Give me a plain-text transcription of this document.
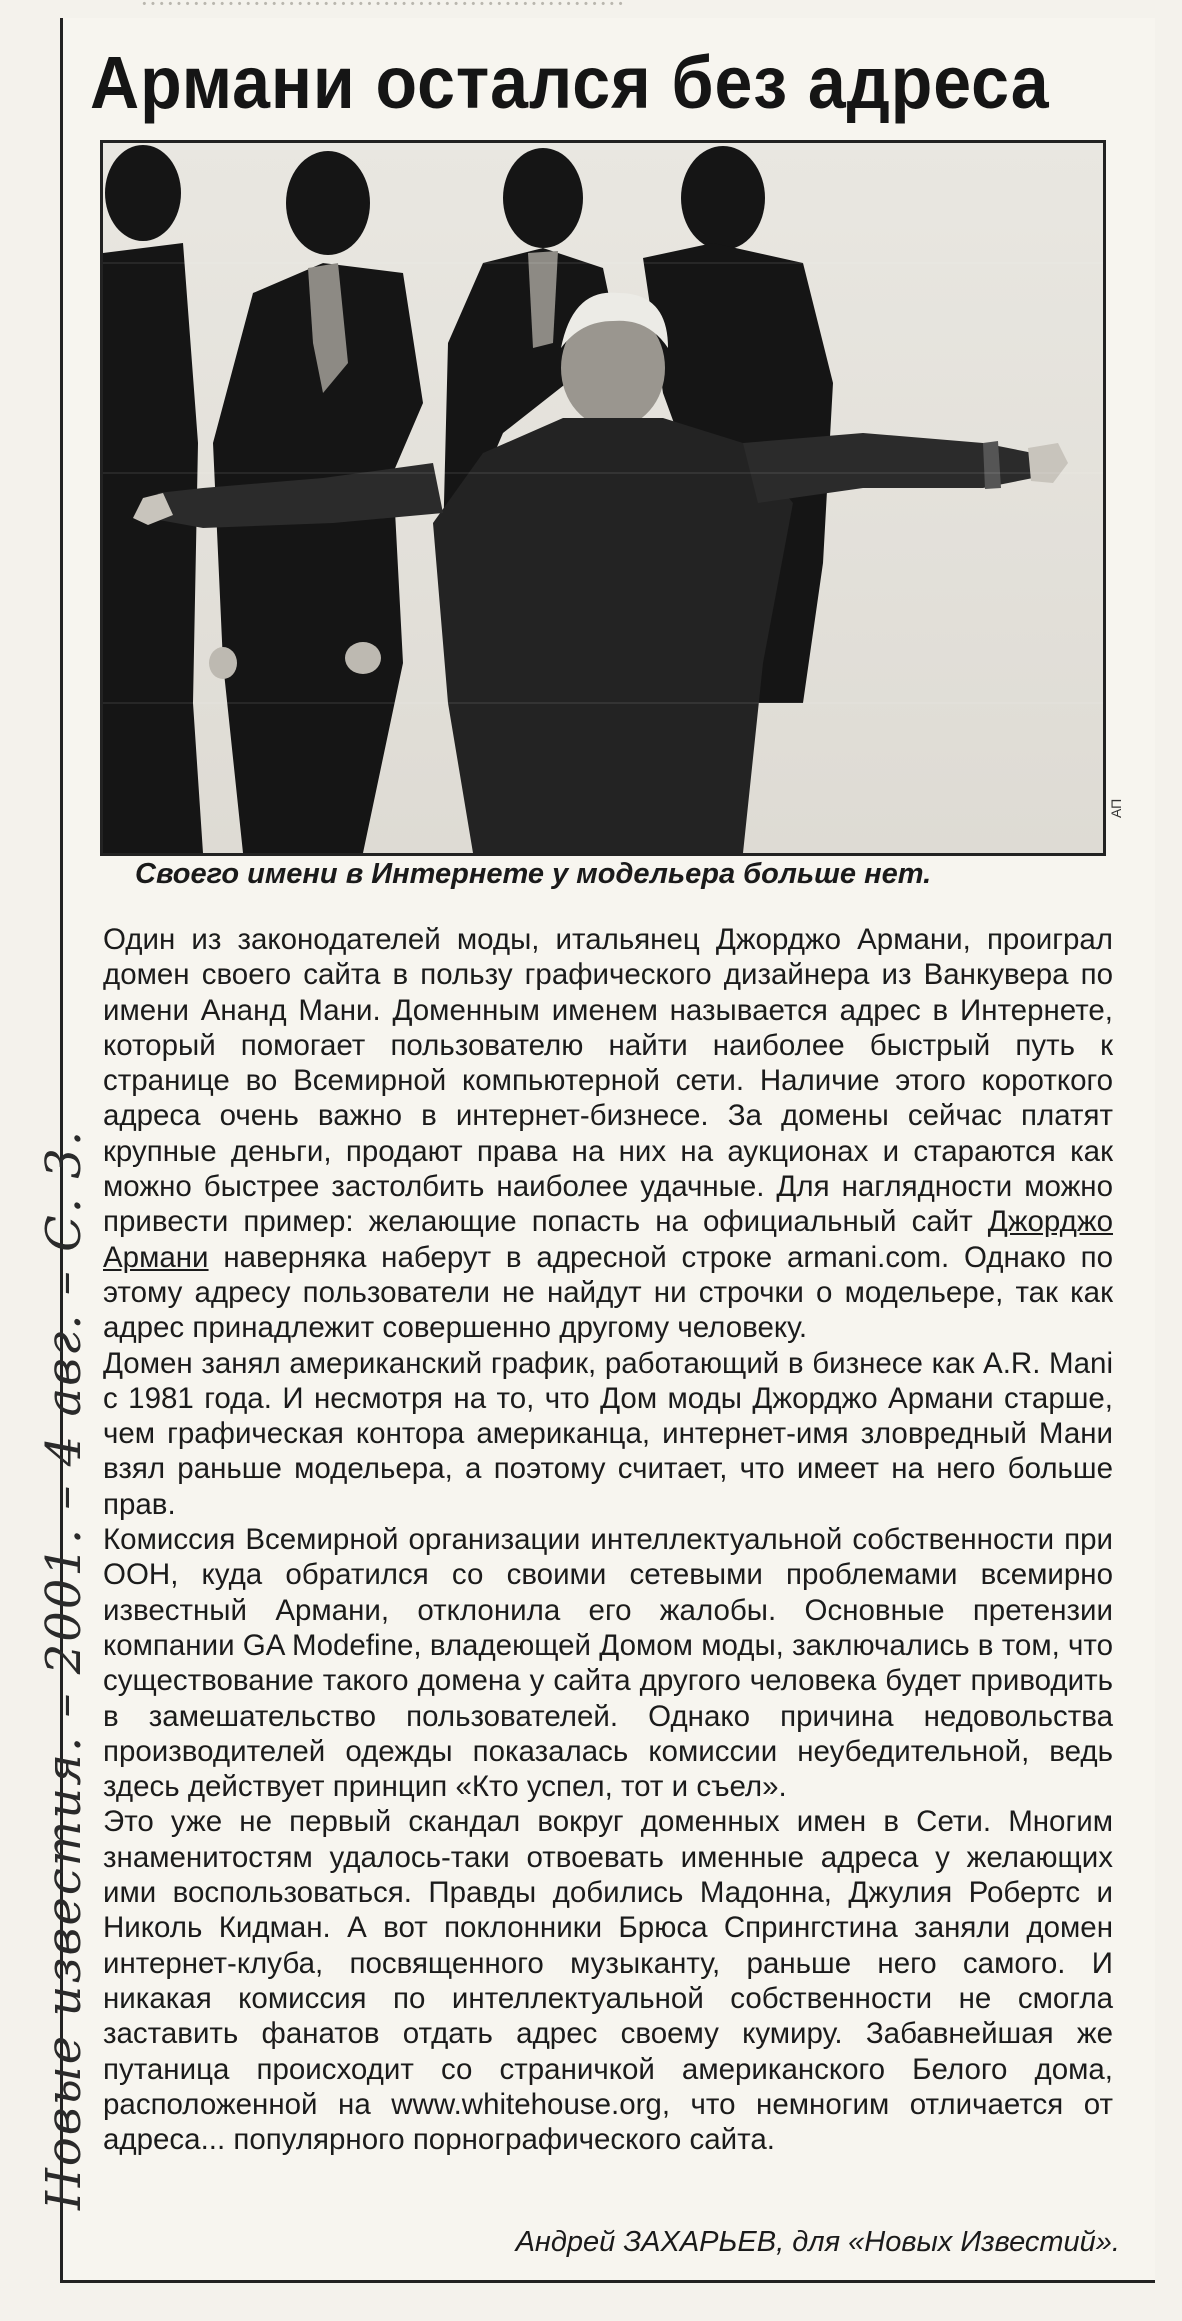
························································
Армани остался без адреса
АП

Своего имени в Интернете у модельера больше нет.

Один из законодателей моды, итальянец Джорджо Армани, проиграл домен своего сайта в пользу графического дизайнера из Ванкувера по имени Ананд Мани. Доменным именем называется адрес в Интернете, который помогает пользователю найти наиболее быстрый путь к странице во Всемирной компьютерной сети. Наличие этого короткого адреса очень важно в интернет-бизнесе. За домены сейчас платят крупные деньги, продают права на них на аукционах и стараются как можно быстрее застолбить наиболее удачные. Для наглядности можно привести пример: желающие попасть на официальный сайт Джорджо Армани наверняка наберут в адресной строке armani.com. Однако по этому адресу пользователи не найдут ни строчки о модельере, так как адрес принадлежит совершенно другому человеку.

Домен занял американский график, работающий в бизнесе как A.R. Mani с 1981 года. И несмотря на то, что Дом моды Джорджо Армани старше, чем графическая контора американца, интернет-имя зловредный Мани взял раньше модельера, а поэтому считает, что имеет на него больше прав.

Комиссия Всемирной организации интеллектуальной собственности при ООН, куда обратился со своими сетевыми проблемами всемирно известный Армани, отклонила его жалобы. Основные претензии компании GA Modefine, владеющей Домом моды, заключались в том, что существование такого домена у сайта другого человека будет приводить в замешательство пользователей. Однако причина недовольства производителей одежды показалась комиссии неубедительной, ведь здесь действует принцип «Кто успел, тот и съел».

Это уже не первый скандал вокруг доменных имен в Сети. Многим знаменитостям удалось-таки отвоевать именные адреса у желающих ими воспользоваться. Правды добились Мадонна, Джулия Робертс и Николь Кидман. А вот поклонники Брюса Спрингстина заняли домен интернет-клуба, посвященного музыканту, раньше него самого. И никакая комиссия по интеллектуальной собственности не смогла заставить фанатов отдать адрес своему кумиру. Забавнейшая же путаница происходит со страничкой американского Белого дома, расположенной на www.whitehouse.org, что немногим отличается от адреса... популярного порнографического сайта.

Андрей ЗАХАРЬЕВ, для «Новых Известий».

Новые известия. – 2001. – 4 авг. – С. 3.
